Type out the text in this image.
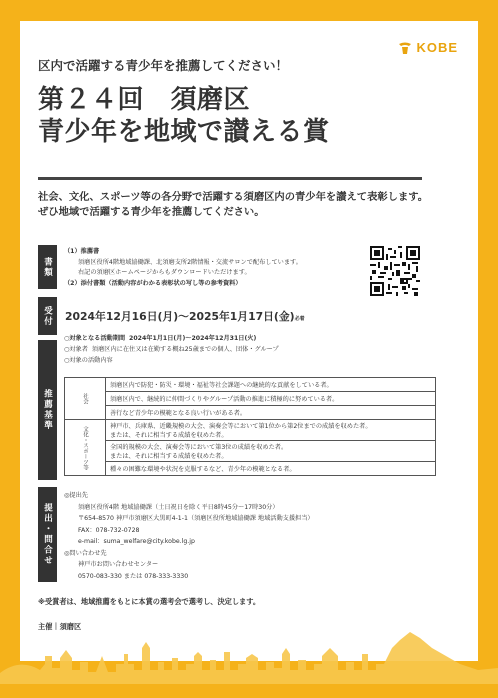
KOBE
区内で活躍する青少年を推薦してください！
第２４回　須磨区
青少年を地域で讃える賞
社会、文化、スポーツ等の各分野で活躍する須磨区内の青少年を讃えて表彰します。ぜひ地域で活躍する青少年を推薦してください。
書類
（1）推薦書
須磨区役所4階地域協働課、北須磨支所2階情報・交流サロンで配布しています。
右記の須磨区ホームページからもダウンロードいただけます。
（2）添付書類（活動内容がわかる表彰状の写し等の参考資料）
受付	2024年12月16日(月)〜2025年1月17日(金)必着
推薦基準
○対象となる活動期間 2024年1月1日(月)〜2024年12月31日(火)
○対象者 須磨区内に在住又は在勤する概ね25歳までの個人、団体・グループ
○対象の活動内容
社会	須磨区内で防犯・防災・環境・福祉等社会課題への継続的な貢献をしている者。
	須磨区内で、継続的に仲間づくりやグループ活動の推進に積極的に努めている者。
	善行など青少年の模範となる良い行いがある者。
文化・スポーツ等	神戸市、兵庫県、近畿規模の大会、演奏会等において第1位から第2位までの成績を収めた者。
または、それに相当する成績を収めた者。

	全国的規模の大会、演奏会等において第3位の成績を収めた者。
または、それに相当する成績を収めた者。

	種々の困難な環境や状況を克服するなど、青少年の模範となる者。
提出・問合せ
◎提出先
須磨区役所4階 地域協働課（土日祝日を除く平日8時45分〜17時30分）
〒654-8570 神戸市須磨区大黒町4-1-1（須磨区役所地域協働課 地域活動支援担当）
FAX：078-732-0728
e-mail：suma_welfare@city.kobe.lg.jp
◎問い合わせ先
神戸市お問い合わせセンター
0570-083-330 または 078-333-3330
※受賞者は、地域推薦をもとに本賞の選考会で選考し、決定します。
主催｜須磨区
